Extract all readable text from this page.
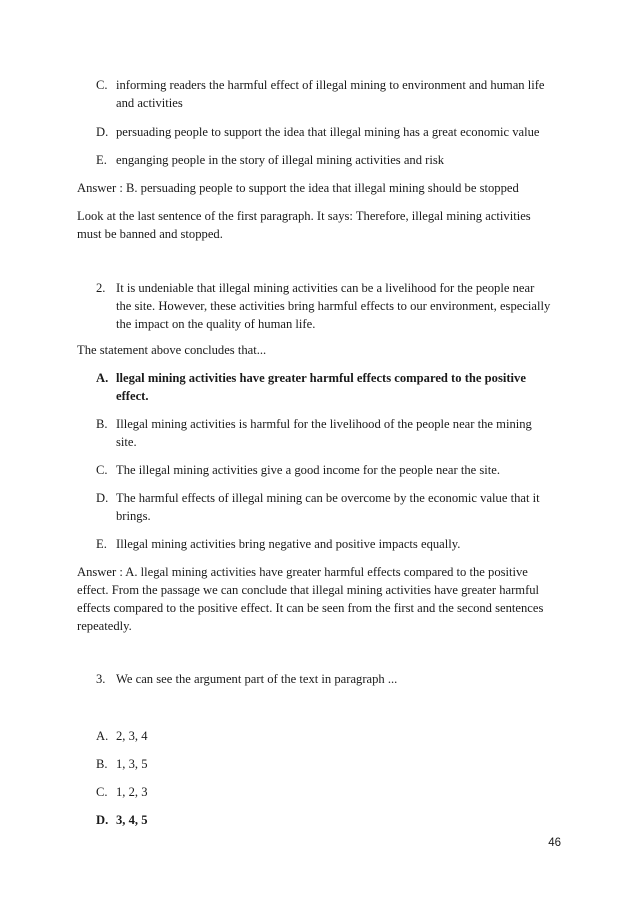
C. informing readers the harmful effect of illegal mining to environment and human life
and activities
D. persuading people to support the idea that illegal mining has a great economic value
E. enganging people in the story of illegal mining activities and risk
Answer : B. persuading people to support the idea that illegal mining should be stopped
Look at the last sentence of the first paragraph. It says: Therefore, illegal mining activities
must be banned and stopped.
2. It is undeniable that illegal mining activities can be a livelihood for the people near
the site. However, these activities bring harmful effects to our environment, especially
the impact on the quality of human life.
The statement above concludes that...
A. llegal mining activities have greater harmful effects compared to the positive
effect.
B. Illegal mining activities is harmful for the livelihood of the people near the mining
site.
C. The illegal mining activities give a good income for the people near the site.
D. The harmful effects of illegal mining can be overcome by the economic value that it
brings.
E. Illegal mining activities bring negative and positive impacts equally.
Answer : A. llegal mining activities have greater harmful effects compared to the positive
effect. From the passage we can conclude that illegal mining activities have greater harmful
effects compared to the positive effect. It can be seen from the first and the second sentences
repeatedly.
3. We can see the argument part of the text in paragraph ...
A. 2, 3, 4
B. 1, 3, 5
C. 1, 2, 3
D. 3, 4, 5
46
